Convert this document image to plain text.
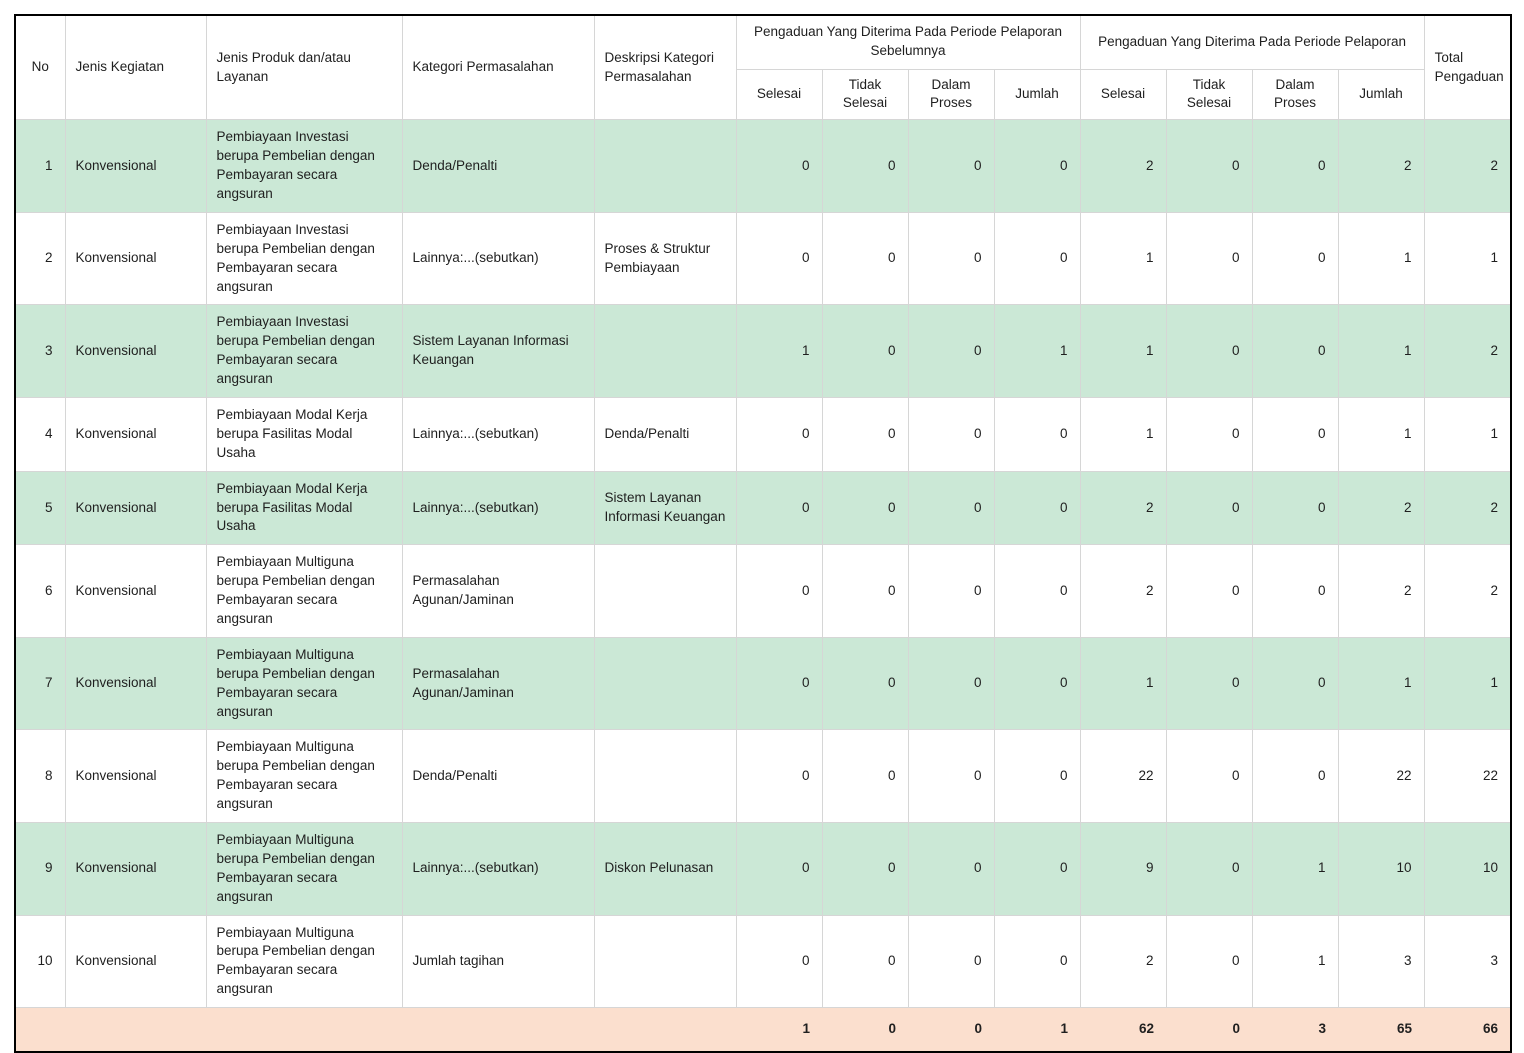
No	Jenis Kegiatan	Jenis Produk dan/atau Layanan	Kategori Permasalahan	Deskripsi Kategori Permasalahan	Pengaduan Yang Diterima Pada Periode Pelaporan Sebelumnya				Pengaduan Yang Diterima Pada Periode Pelaporan				Total Pengaduan
					Selesai	Tidak Selesai	Dalam Proses	Jumlah	Selesai	Tidak Selesai	Dalam Proses	Jumlah	
1	Konvensional	Pembiayaan Investasi berupa Pembelian dengan Pembayaran secara angsuran	Denda/Penalti		0	0	0	0	2	0	0	2	2
2	Konvensional	Pembiayaan Investasi berupa Pembelian dengan Pembayaran secara angsuran	Lainnya:...(sebutkan)	Proses & Struktur Pembiayaan	0	0	0	0	1	0	0	1	1
3	Konvensional	Pembiayaan Investasi berupa Pembelian dengan Pembayaran secara angsuran	Sistem Layanan Informasi Keuangan		1	0	0	1	1	0	0	1	2
4	Konvensional	Pembiayaan Modal Kerja berupa Fasilitas Modal Usaha	Lainnya:...(sebutkan)	Denda/Penalti	0	0	0	0	1	0	0	1	1
5	Konvensional	Pembiayaan Modal Kerja berupa Fasilitas Modal Usaha	Lainnya:...(sebutkan)	Sistem Layanan Informasi Keuangan	0	0	0	0	2	0	0	2	2
6	Konvensional	Pembiayaan Multiguna berupa Pembelian dengan Pembayaran secara angsuran	Permasalahan Agunan/Jaminan		0	0	0	0	2	0	0	2	2
7	Konvensional	Pembiayaan Multiguna berupa Pembelian dengan Pembayaran secara angsuran	Permasalahan Agunan/Jaminan		0	0	0	0	1	0	0	1	1
8	Konvensional	Pembiayaan Multiguna berupa Pembelian dengan Pembayaran secara angsuran	Denda/Penalti		0	0	0	0	22	0	0	22	22
9	Konvensional	Pembiayaan Multiguna berupa Pembelian dengan Pembayaran secara angsuran	Lainnya:...(sebutkan)	Diskon Pelunasan	0	0	0	0	9	0	1	10	10
10	Konvensional	Pembiayaan Multiguna berupa Pembelian dengan Pembayaran secara angsuran	Jumlah tagihan		0	0	0	0	2	0	1	3	3
					1	0	0	1	62	0	3	65	66
